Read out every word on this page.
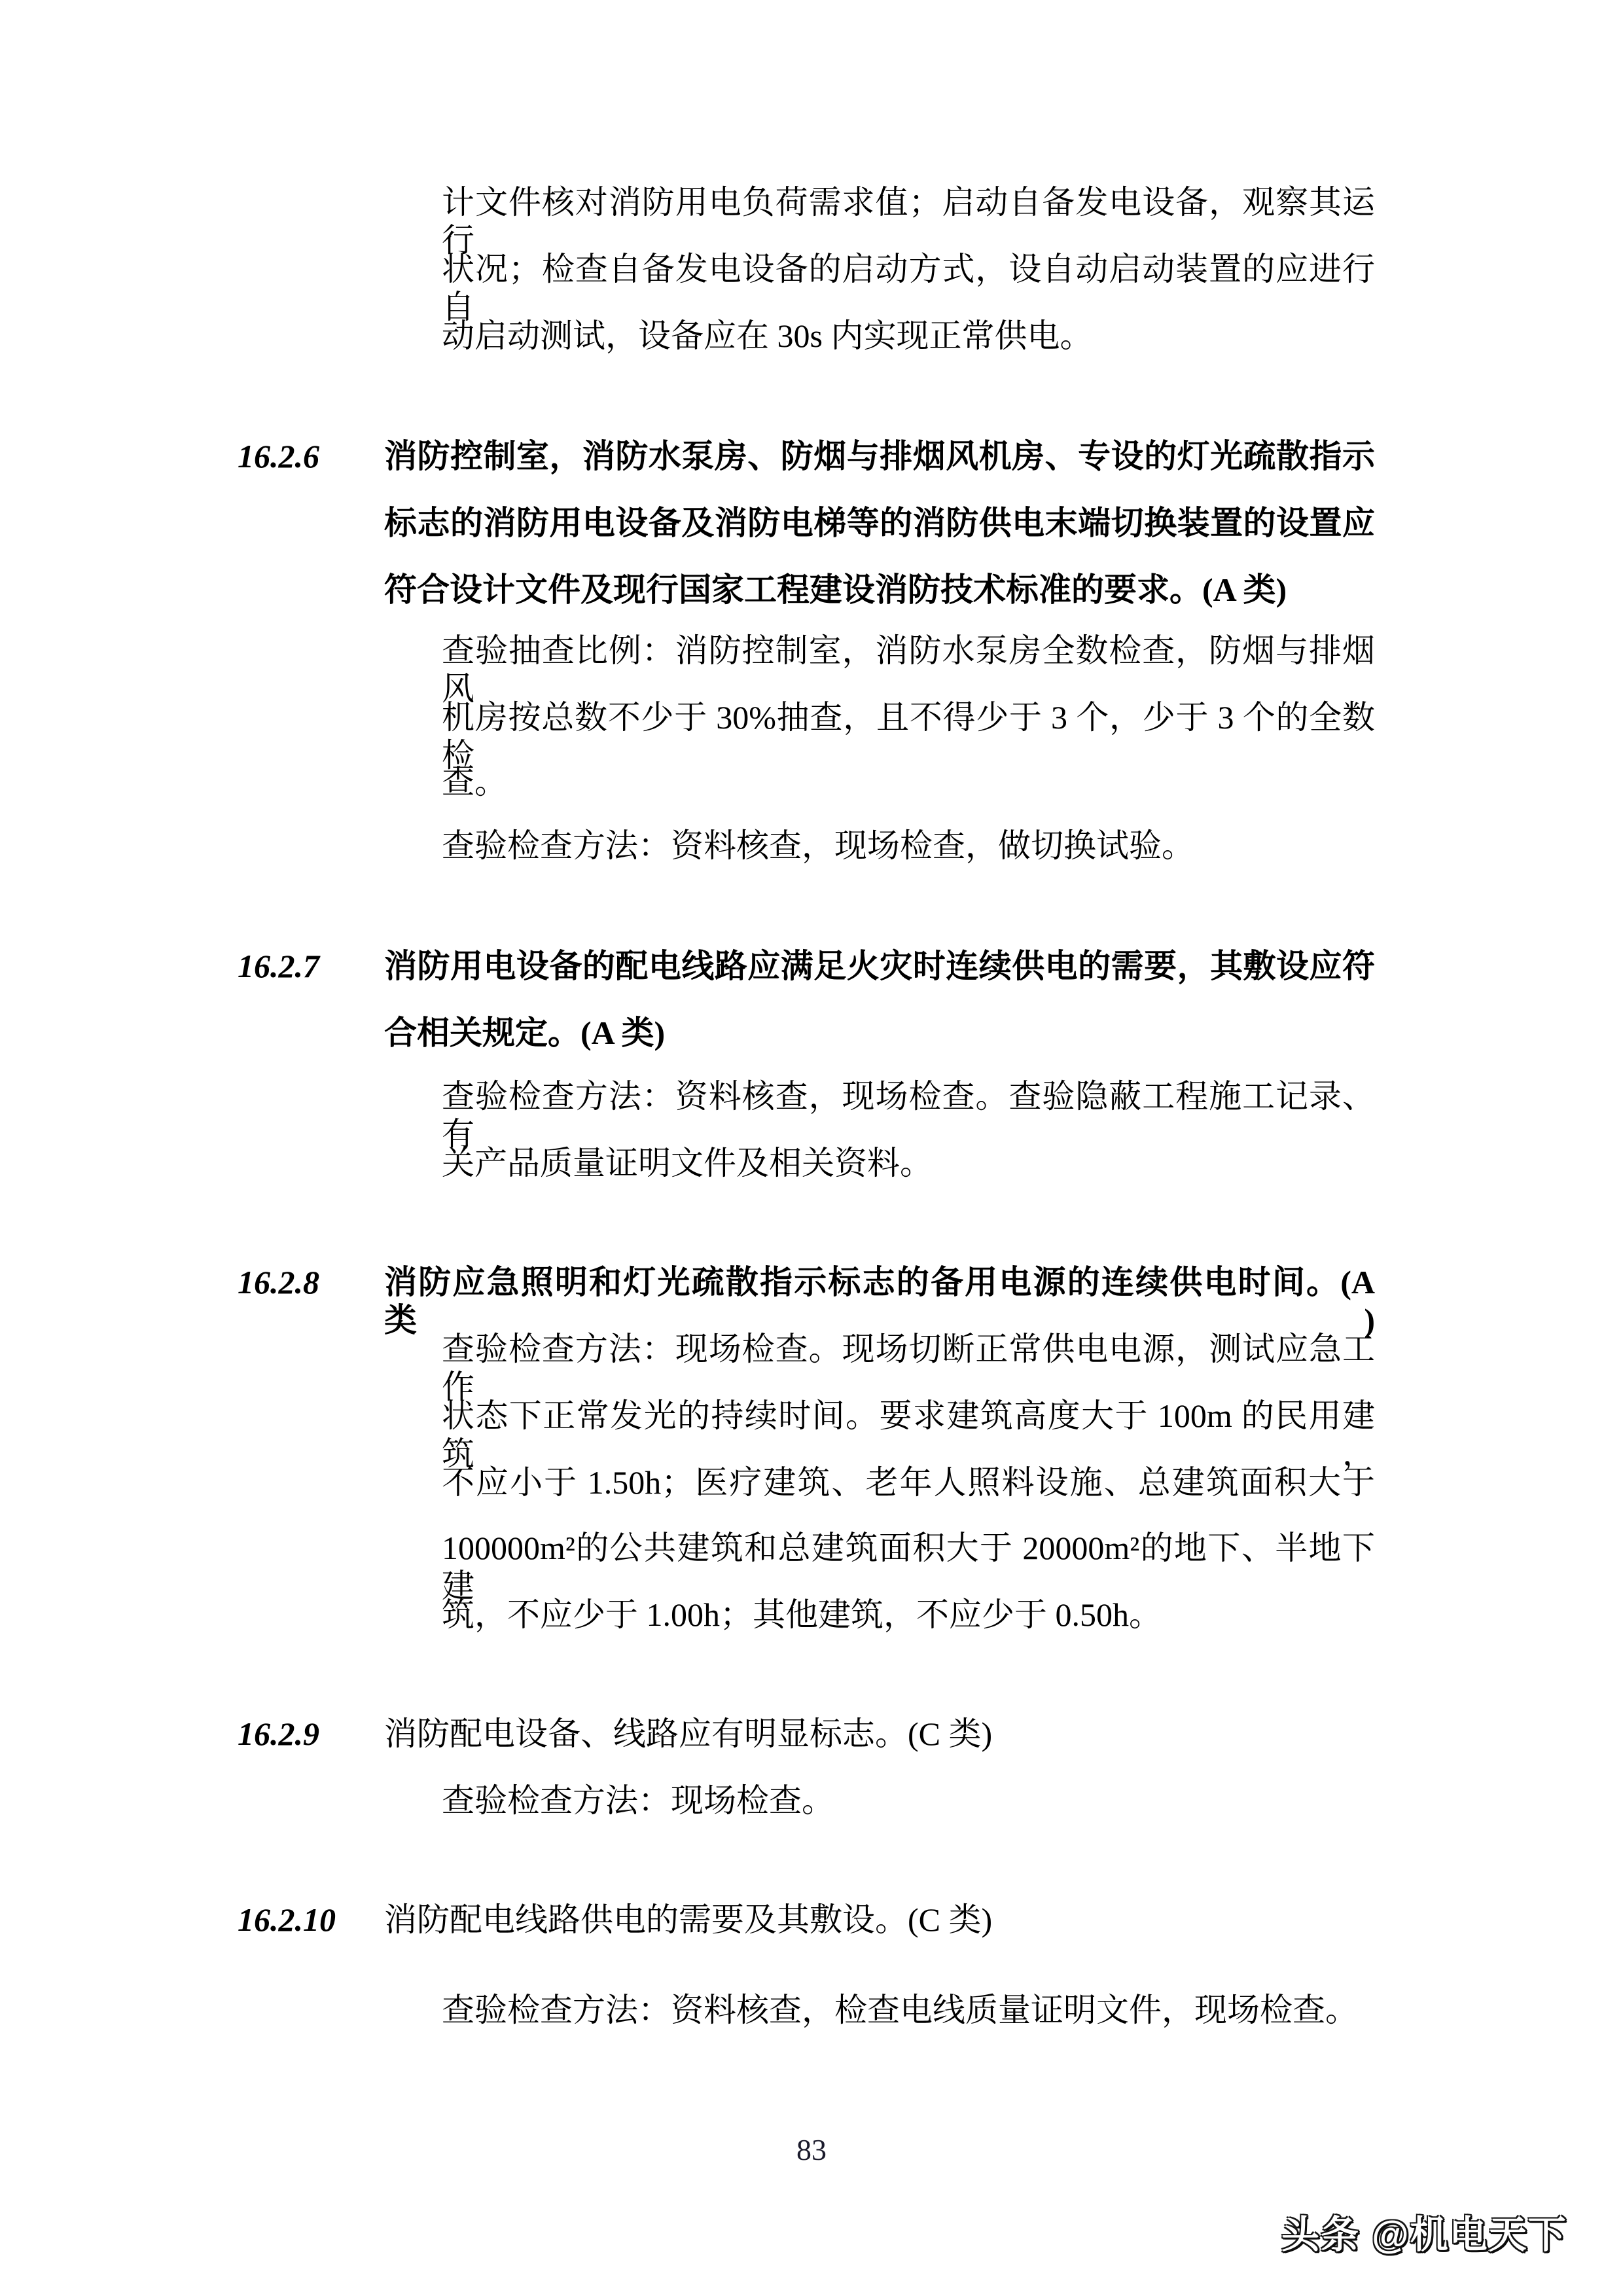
计文件核对消防用电负荷需求值；启动自备发电设备，观察其运行
状况；检查自备发电设备的启动方式，设自动启动装置的应进行自
动启动测试，设备应在 30s 内实现正常供电。
16.2.6 消防控制室，消防水泵房、防烟与排烟风机房、专设的灯光疏散指示
标志的消防用电设备及消防电梯等的消防供电末端切换装置的设置应
符合设计文件及现行国家工程建设消防技术标准的要求。(A 类)
查验抽查比例：消防控制室，消防水泵房全数检查，防烟与排烟风
机房按总数不少于 30%抽查，且不得少于 3 个，少于 3 个的全数检
查。
查验检查方法：资料核查，现场检查，做切换试验。
16.2.7 消防用电设备的配电线路应满足火灾时连续供电的需要，其敷设应符
合相关规定。(A 类)
查验检查方法：资料核查，现场检查。查验隐蔽工程施工记录、有
关产品质量证明文件及相关资料。
16.2.8 消防应急照明和灯光疏散指示标志的备用电源的连续供电时间。(A 类)
查验检查方法：现场检查。现场切断正常供电电源，测试应急工作
状态下正常发光的持续时间。要求建筑高度大于 100m 的民用建筑，
不应小于 1.50h；医疗建筑、老年人照料设施、总建筑面积大于
100000m²的公共建筑和总建筑面积大于 20000m²的地下、半地下建
筑，不应少于 1.00h；其他建筑，不应少于 0.50h。
16.2.9 消防配电设备、线路应有明显标志。(C 类)
查验检查方法：现场检查。
16.2.10 消防配电线路供电的需要及其敷设。(C 类)
查验检查方法：资料核查，检查电线质量证明文件，现场检查。
83
头条 @机电天下
